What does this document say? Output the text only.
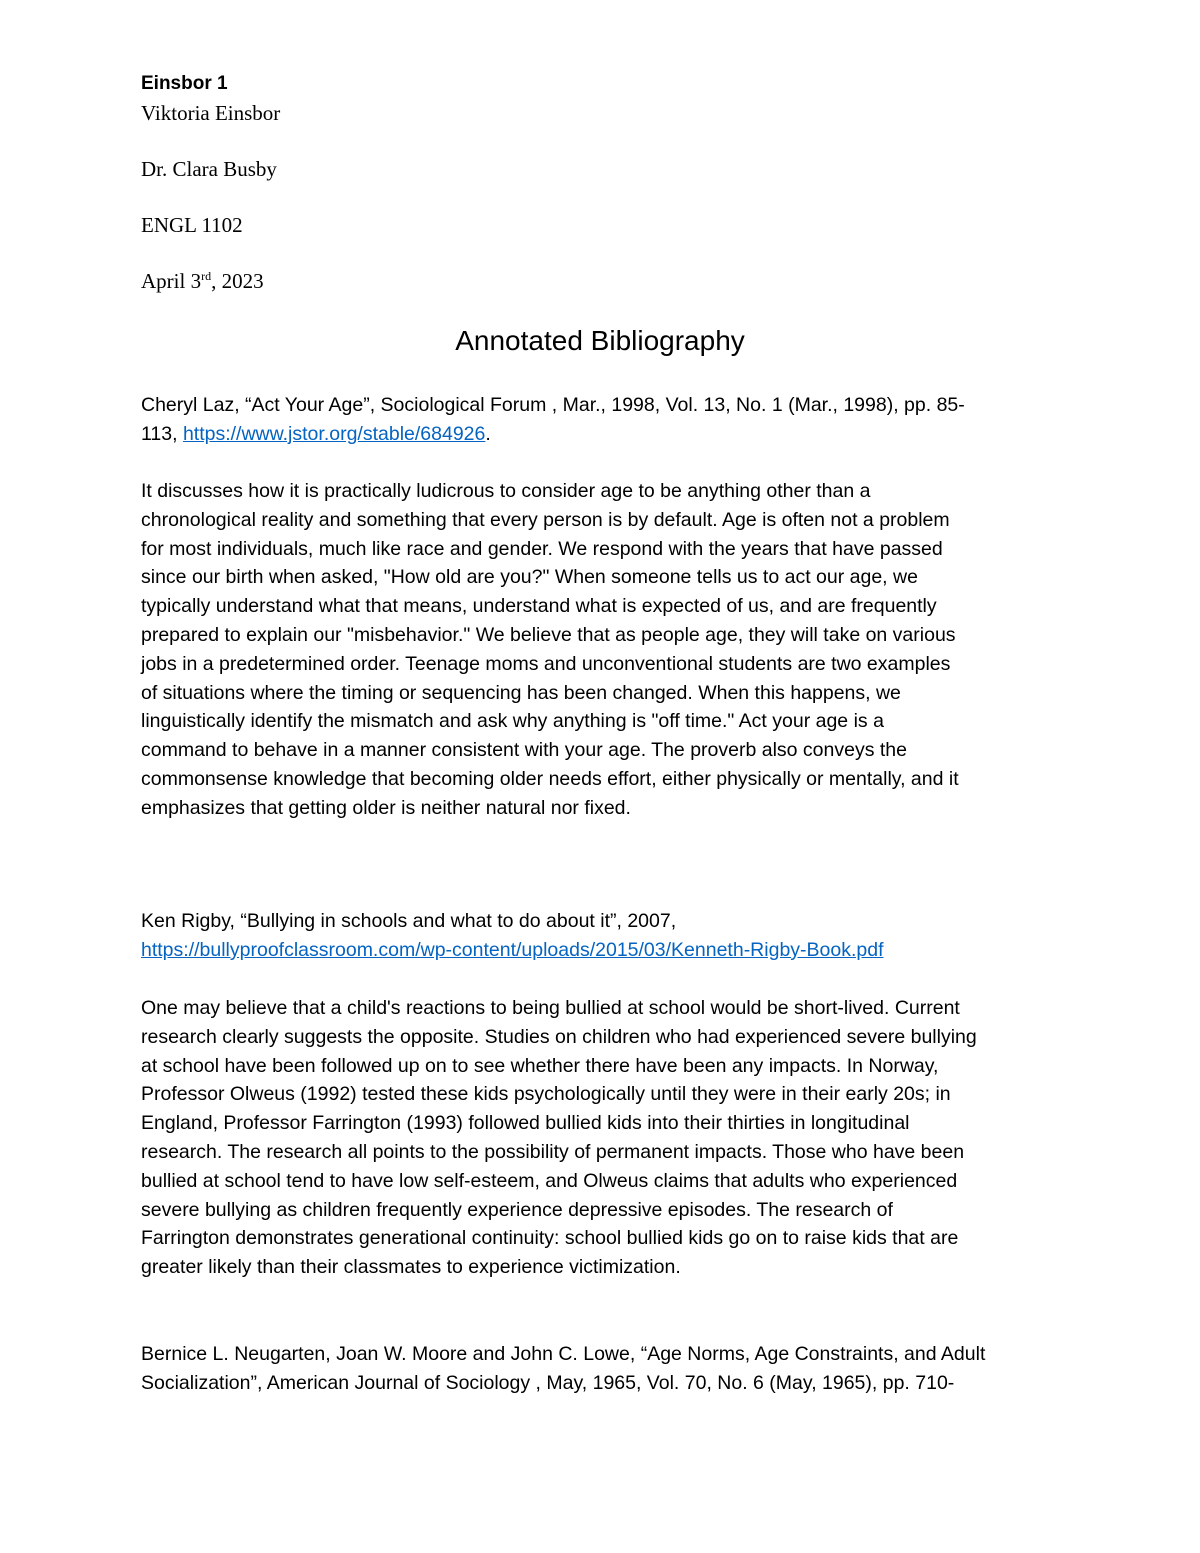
Einsbor 1
Viktoria Einsbor
Dr. Clara Busby
ENGL 1102
April 3rd, 2023
Annotated Bibliography
Cheryl Laz, “Act Your Age”, Sociological Forum , Mar., 1998, Vol. 13, No. 1 (Mar., 1998), pp. 85-
113, https://www.jstor.org/stable/684926.
It discusses how it is practically ludicrous to consider age to be anything other than a
chronological reality and something that every person is by default. Age is often not a problem
for most individuals, much like race and gender. We respond with the years that have passed
since our birth when asked, "How old are you?" When someone tells us to act our age, we
typically understand what that means, understand what is expected of us, and are frequently
prepared to explain our "misbehavior." We believe that as people age, they will take on various
jobs in a predetermined order. Teenage moms and unconventional students are two examples
of situations where the timing or sequencing has been changed. When this happens, we
linguistically identify the mismatch and ask why anything is "off time." Act your age is a
command to behave in a manner consistent with your age. The proverb also conveys the
commonsense knowledge that becoming older needs effort, either physically or mentally, and it
emphasizes that getting older is neither natural nor fixed.
Ken Rigby, “Bullying in schools and what to do about it”, 2007,
https://bullyproofclassroom.com/wp-content/uploads/2015/03/Kenneth-Rigby-Book.pdf
One may believe that a child's reactions to being bullied at school would be short-lived. Current
research clearly suggests the opposite. Studies on children who had experienced severe bullying
at school have been followed up on to see whether there have been any impacts. In Norway,
Professor Olweus (1992) tested these kids psychologically until they were in their early 20s; in
England, Professor Farrington (1993) followed bullied kids into their thirties in longitudinal
research. The research all points to the possibility of permanent impacts. Those who have been
bullied at school tend to have low self-esteem, and Olweus claims that adults who experienced
severe bullying as children frequently experience depressive episodes. The research of
Farrington demonstrates generational continuity: school bullied kids go on to raise kids that are
greater likely than their classmates to experience victimization.
Bernice L. Neugarten, Joan W. Moore and John C. Lowe, “Age Norms, Age Constraints, and Adult
Socialization”, American Journal of Sociology , May, 1965, Vol. 70, No. 6 (May, 1965), pp. 710-
